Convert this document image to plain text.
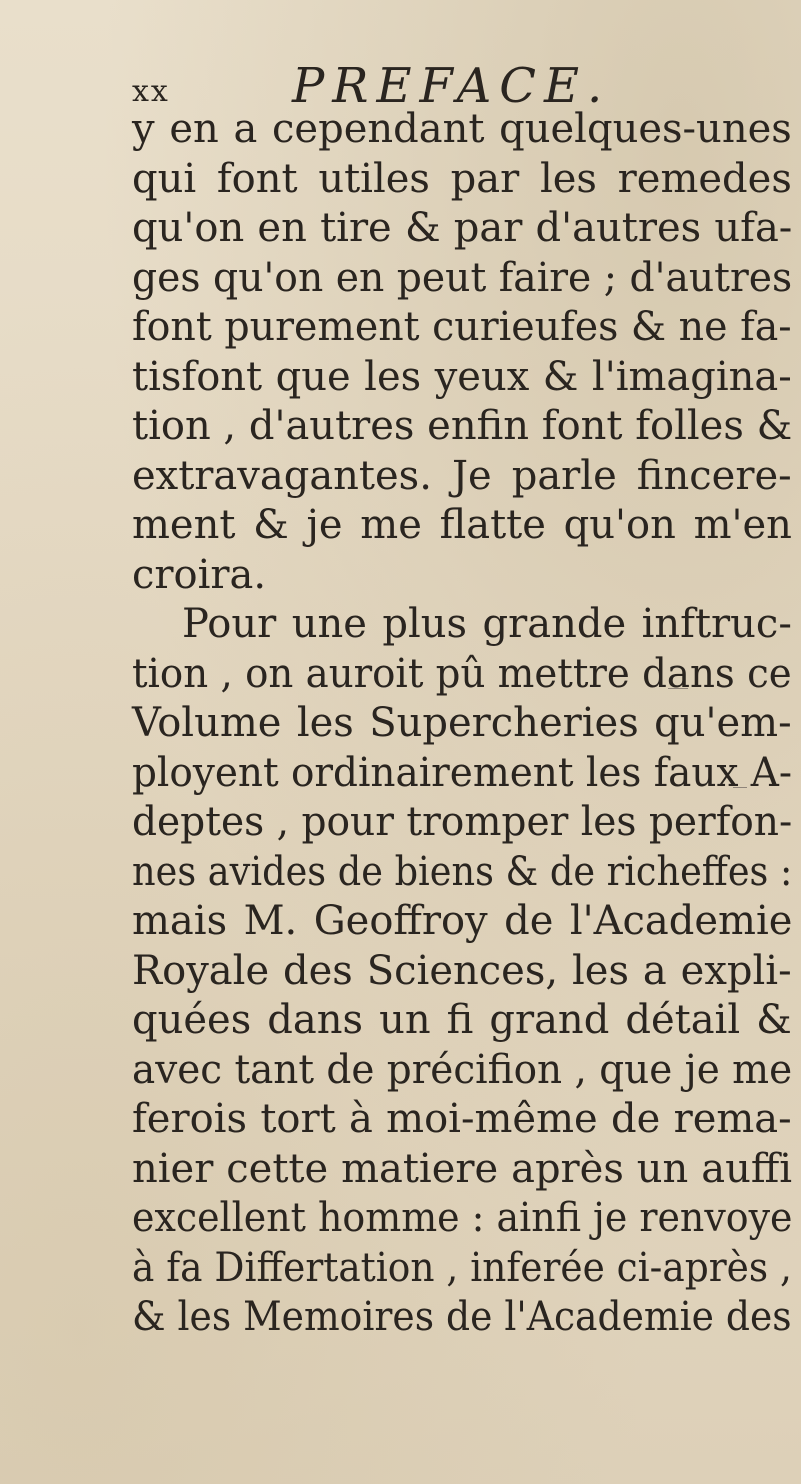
xx	PREFACE.
y en a cependant quelques-unes
qui font utiles par les remedes
qu'on en tire & par d'autres ufa-
ges qu'on en peut faire ; d'autres
font purement curieufes & ne fa-
tisfont que les yeux & l'imagina-
tion , d'autres enfin font folles &
extravagantes. Je parle fincere-
ment & je me flatte qu'on m'en
croira.
Pour une plus grande inftruc-
tion , on auroit pû mettre dans ce
Volume les Supercheries qu'em-
ployent ordinairement les faux A-
deptes , pour tromper les perfon-
nes avides de biens & de richeffes :
mais M. Geoffroy de l'Academie
Royale des Sciences, les a expli-
quées dans un fi grand détail &
avec tant de précifion , que je me
ferois tort à moi-même de rema-
nier cette matiere après un auffi
excellent homme : ainfi je renvoye
à fa Differtation , inferée ci-après ,
& les Memoires de l'Academie des
